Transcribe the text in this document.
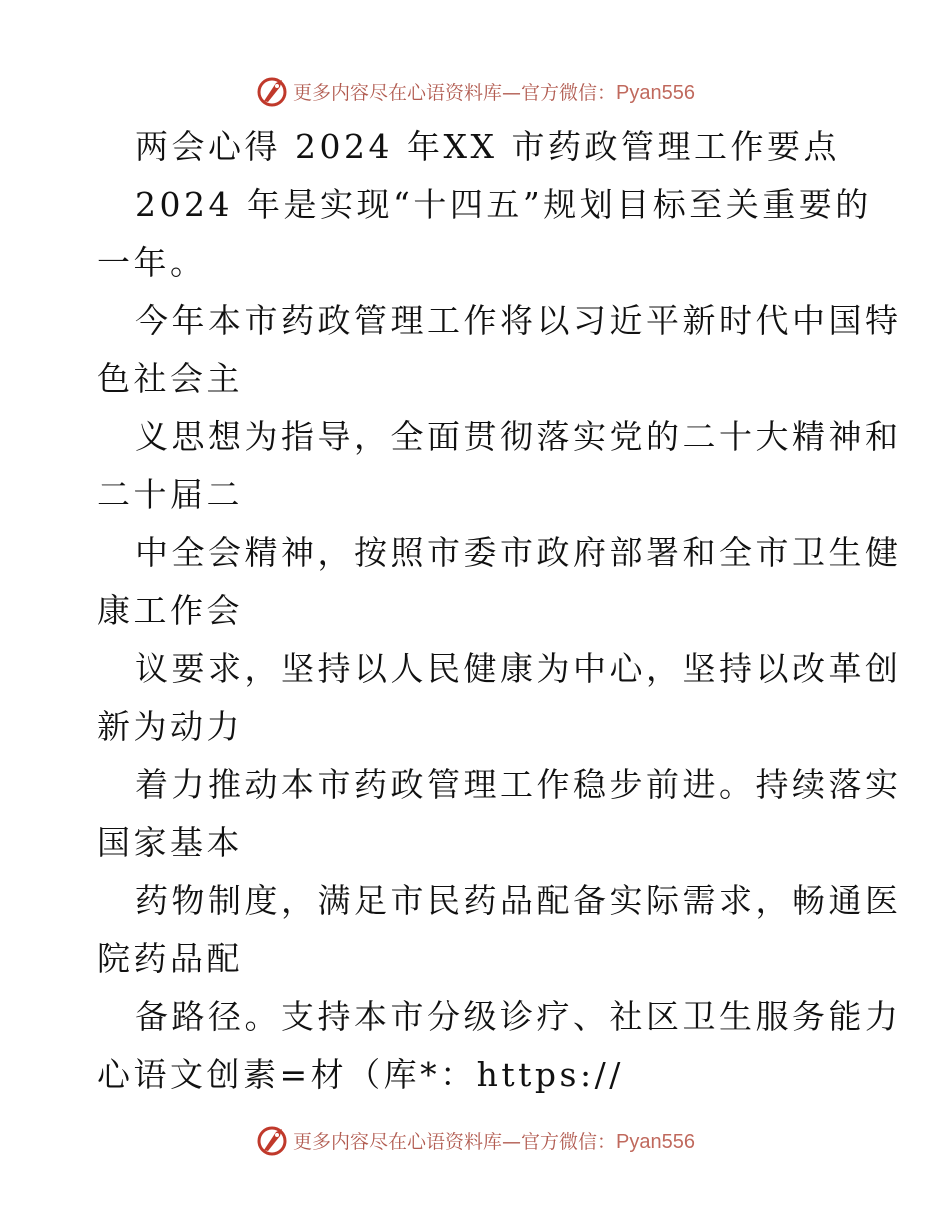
更多内容尽在心语资料库—官方微信：Pyan556
两会心得 2024 年XX 市药政管理工作要点
2024 年是实现“十四五”规划目标至关重要的
一年。
今年本市药政管理工作将以习近平新时代中国特
色社会主
义思想为指导，全面贯彻落实党的二十大精神和
二十届二
中全会精神，按照市委市政府部署和全市卫生健
康工作会
议要求，坚持以人民健康为中心，坚持以改革创
新为动力
着力推动本市药政管理工作稳步前进。持续落实
国家基本
药物制度，满足市民药品配备实际需求，畅通医
院药品配
备路径。支持本市分级诊疗、社区卫生服务能力
心语文创素=材（库*：https://
更多内容尽在心语资料库—官方微信：Pyan556
